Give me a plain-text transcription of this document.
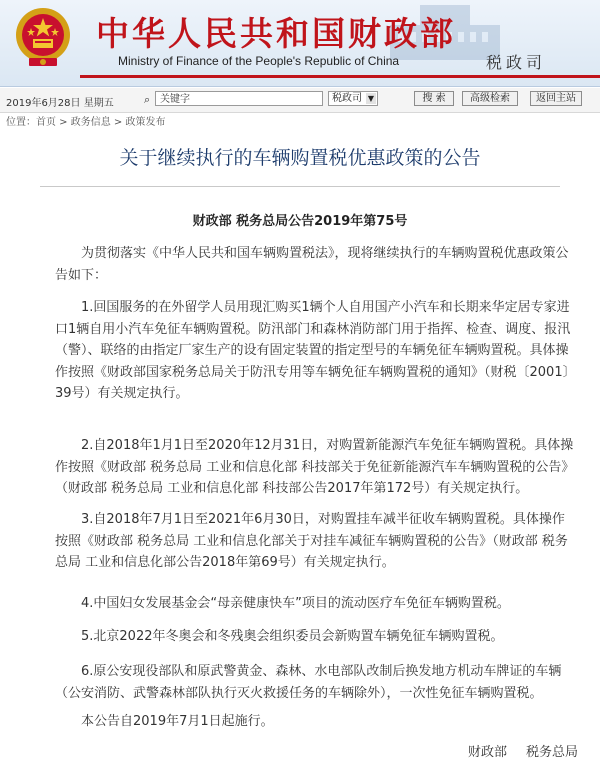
中华人民共和国财政部
Ministry of Finance of the People's Republic of China	税政司
2019年6月28日 星期五	⌕ 关键字	税政司 ▼	搜 索	高级检索	返回主站
位置：首页 > 政务信息 > 政策发布
关于继续执行的车辆购置税优惠政策的公告
财政部 税务总局公告2019年第75号

为贯彻落实《中华人民共和国车辆购置税法》，现将继续执行的车辆购置税优惠政策公告如下：

1.回国服务的在外留学人员用现汇购买1辆个人自用国产小汽车和长期来华定居专家进口1辆自用小汽车免征车辆购置税。防汛部门和森林消防部门用于指挥、检查、调度、报汛（警）、联络的由指定厂家生产的设有固定装置的指定型号的车辆免征车辆购置税。具体操作按照《财政部国家税务总局关于防汛专用等车辆免征车辆购置税的通知》（财税〔2001〕39号）有关规定执行。

2.自2018年1月1日至2020年12月31日，对购置新能源汽车免征车辆购置税。具体操作按照《财政部 税务总局 工业和信息化部 科技部关于免征新能源汽车车辆购置税的公告》（财政部 税务总局 工业和信息化部 科技部公告2017年第172号）有关规定执行。

3.自2018年7月1日至2021年6月30日，对购置挂车减半征收车辆购置税。具体操作按照《财政部 税务总局 工业和信息化部关于对挂车减征车辆购置税的公告》（财政部 税务总局 工业和信息化部公告2018年第69号）有关规定执行。

4.中国妇女发展基金会“母亲健康快车”项目的流动医疗车免征车辆购置税。

5.北京2022年冬奥会和冬残奥会组织委员会新购置车辆免征车辆购置税。

6.原公安现役部队和原武警黄金、森林、水电部队改制后换发地方机动车牌证的车辆（公安消防、武警森林部队执行灭火救援任务的车辆除外），一次性免征车辆购置税。

本公告自2019年7月1日起施行。

财政部 税务总局
